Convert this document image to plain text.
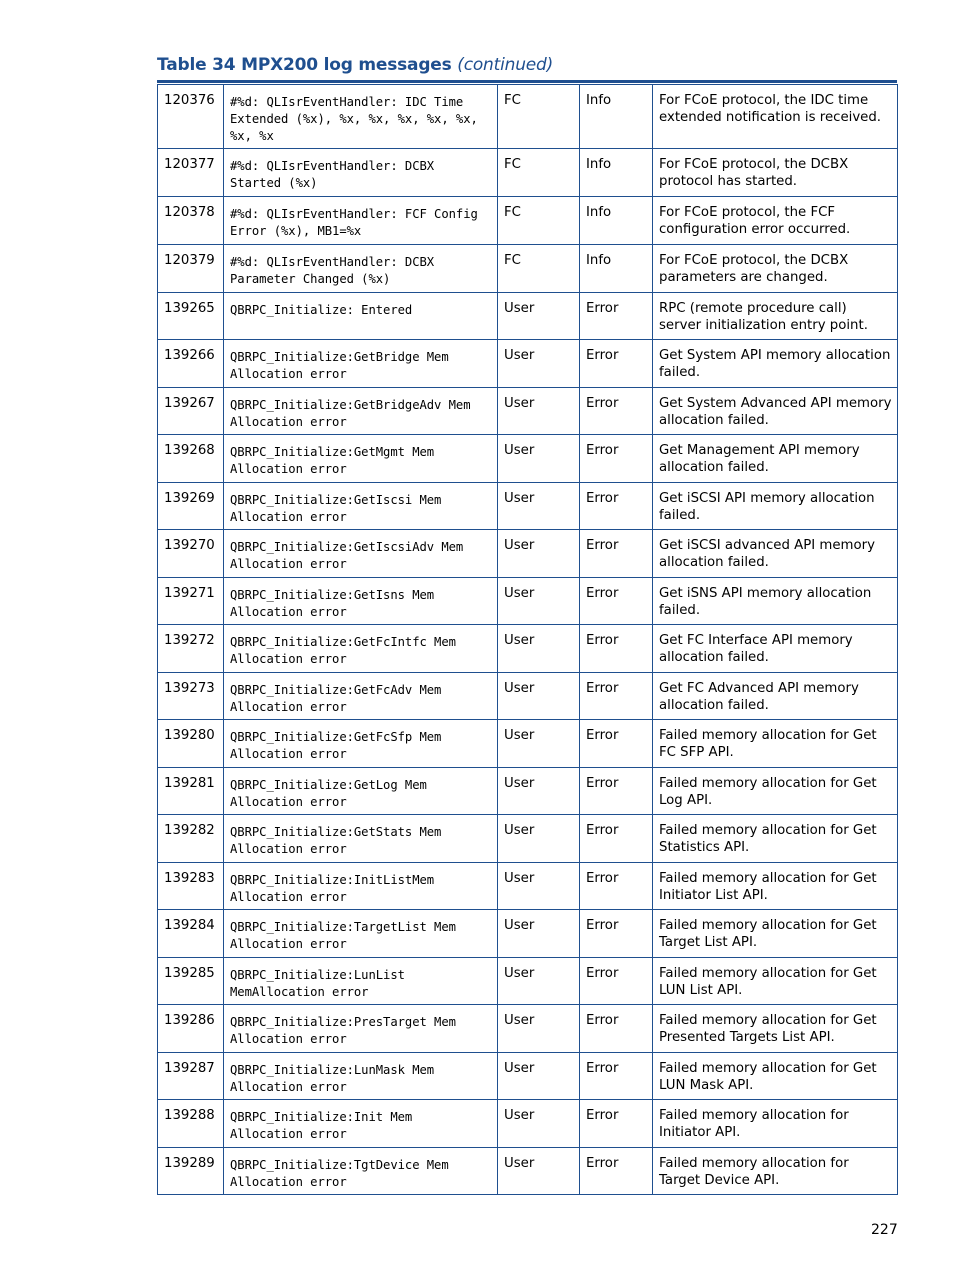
Table 34 MPX200 log messages (continued)
120376	#%d: QLIsrEventHandler: IDC Time Extended (%x), %x, %x, %x, %x, %x, %x, %x	FC	Info	For FCoE protocol, the IDC time extended notification is received.
120377	#%d: QLIsrEventHandler: DCBX Started (%x)	FC	Info	For FCoE protocol, the DCBX protocol has started.
120378	#%d: QLIsrEventHandler: FCF Config Error (%x), MB1=%x	FC	Info	For FCoE protocol, the FCF configuration error occurred.
120379	#%d: QLIsrEventHandler: DCBX Parameter Changed (%x)	FC	Info	For FCoE protocol, the DCBX parameters are changed.
139265	QBRPC_Initialize: Entered	User	Error	RPC (remote procedure call) server initialization entry point.
139266	QBRPC_Initialize:GetBridge Mem Allocation error	User	Error	Get System API memory allocation failed.
139267	QBRPC_Initialize:GetBridgeAdv Mem Allocation error	User	Error	Get System Advanced API memory allocation failed.
139268	QBRPC_Initialize:GetMgmt Mem Allocation error	User	Error	Get Management API memory allocation failed.
139269	QBRPC_Initialize:GetIscsi Mem Allocation error	User	Error	Get iSCSI API memory allocation failed.
139270	QBRPC_Initialize:GetIscsiAdv Mem Allocation error	User	Error	Get iSCSI advanced API memory allocation failed.
139271	QBRPC_Initialize:GetIsns Mem Allocation error	User	Error	Get iSNS API memory allocation failed.
139272	QBRPC_Initialize:GetFcIntfc Mem Allocation error	User	Error	Get FC Interface API memory allocation failed.
139273	QBRPC_Initialize:GetFcAdv Mem Allocation error	User	Error	Get FC Advanced API memory allocation failed.
139280	QBRPC_Initialize:GetFcSfp Mem Allocation error	User	Error	Failed memory allocation for Get FC SFP API.
139281	QBRPC_Initialize:GetLog Mem Allocation error	User	Error	Failed memory allocation for Get Log API.
139282	QBRPC_Initialize:GetStats Mem Allocation error	User	Error	Failed memory allocation for Get Statistics API.
139283	QBRPC_Initialize:InitListMem Allocation error	User	Error	Failed memory allocation for Get Initiator List API.
139284	QBRPC_Initialize:TargetList Mem Allocation error	User	Error	Failed memory allocation for Get Target List API.
139285	QBRPC_Initialize:LunList MemAllocation error	User	Error	Failed memory allocation for Get LUN List API.
139286	QBRPC_Initialize:PresTarget Mem Allocation error	User	Error	Failed memory allocation for Get Presented Targets List API.
139287	QBRPC_Initialize:LunMask Mem Allocation error	User	Error	Failed memory allocation for Get LUN Mask API.
139288	QBRPC_Initialize:Init Mem Allocation error	User	Error	Failed memory allocation for Initiator API.
139289	QBRPC_Initialize:TgtDevice Mem Allocation error	User	Error	Failed memory allocation for Target Device API.
227
